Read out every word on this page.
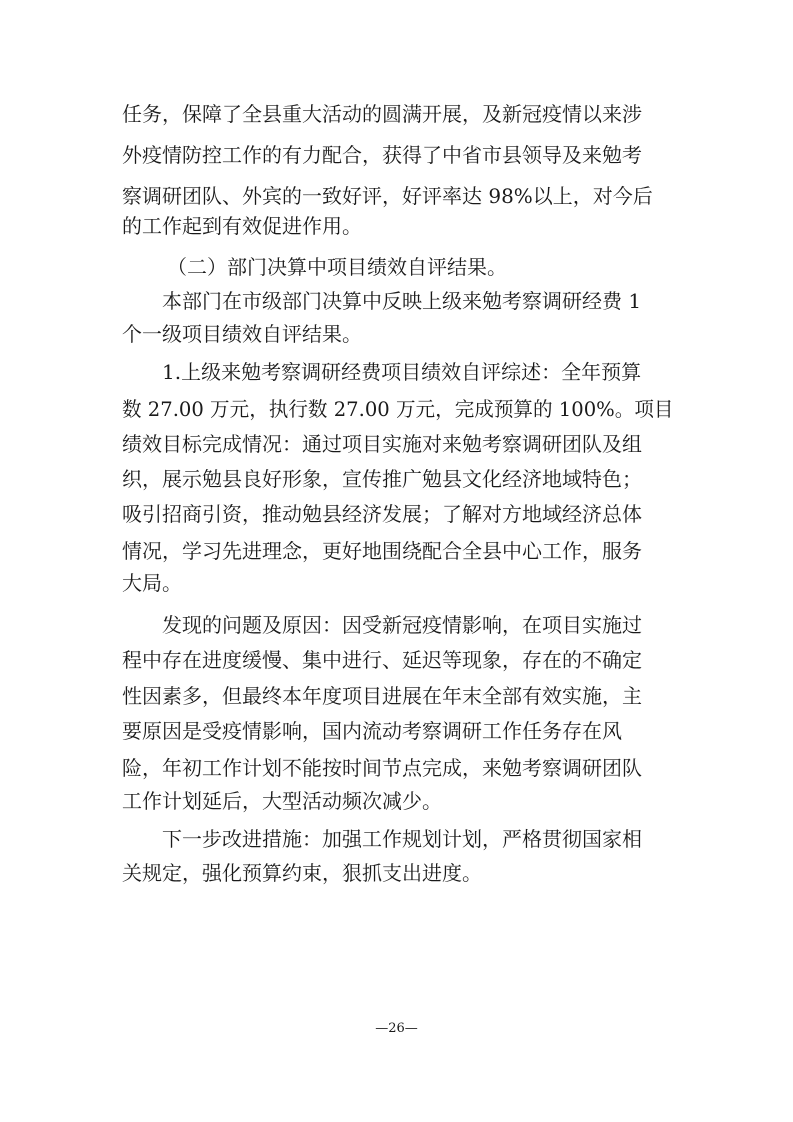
任务，保障了全县重大活动的圆满开展，及新冠疫情以来涉
外疫情防控工作的有力配合，获得了中省市县领导及来勉考
察调研团队、外宾的一致好评，好评率达 98%以上，对今后
的工作起到有效促进作用。
（二）部门决算中项目绩效自评结果。
本部门在市级部门决算中反映上级来勉考察调研经费 1
个一级项目绩效自评结果。
1.上级来勉考察调研经费项目绩效自评综述：全年预算
数 27.00 万元，执行数 27.00 万元，完成预算的 100%。项目
绩效目标完成情况：通过项目实施对来勉考察调研团队及组
织，展示勉县良好形象，宣传推广勉县文化经济地域特色；
吸引招商引资，推动勉县经济发展；了解对方地域经济总体
情况，学习先进理念，更好地围绕配合全县中心工作，服务
大局。
发现的问题及原因：因受新冠疫情影响，在项目实施过
程中存在进度缓慢、集中进行、延迟等现象，存在的不确定
性因素多，但最终本年度项目进展在年末全部有效实施，主
要原因是受疫情影响，国内流动考察调研工作任务存在风
险，年初工作计划不能按时间节点完成，来勉考察调研团队
工作计划延后，大型活动频次减少。
下一步改进措施：加强工作规划计划，严格贯彻国家相
关规定，强化预算约束，狠抓支出进度。
—26—
